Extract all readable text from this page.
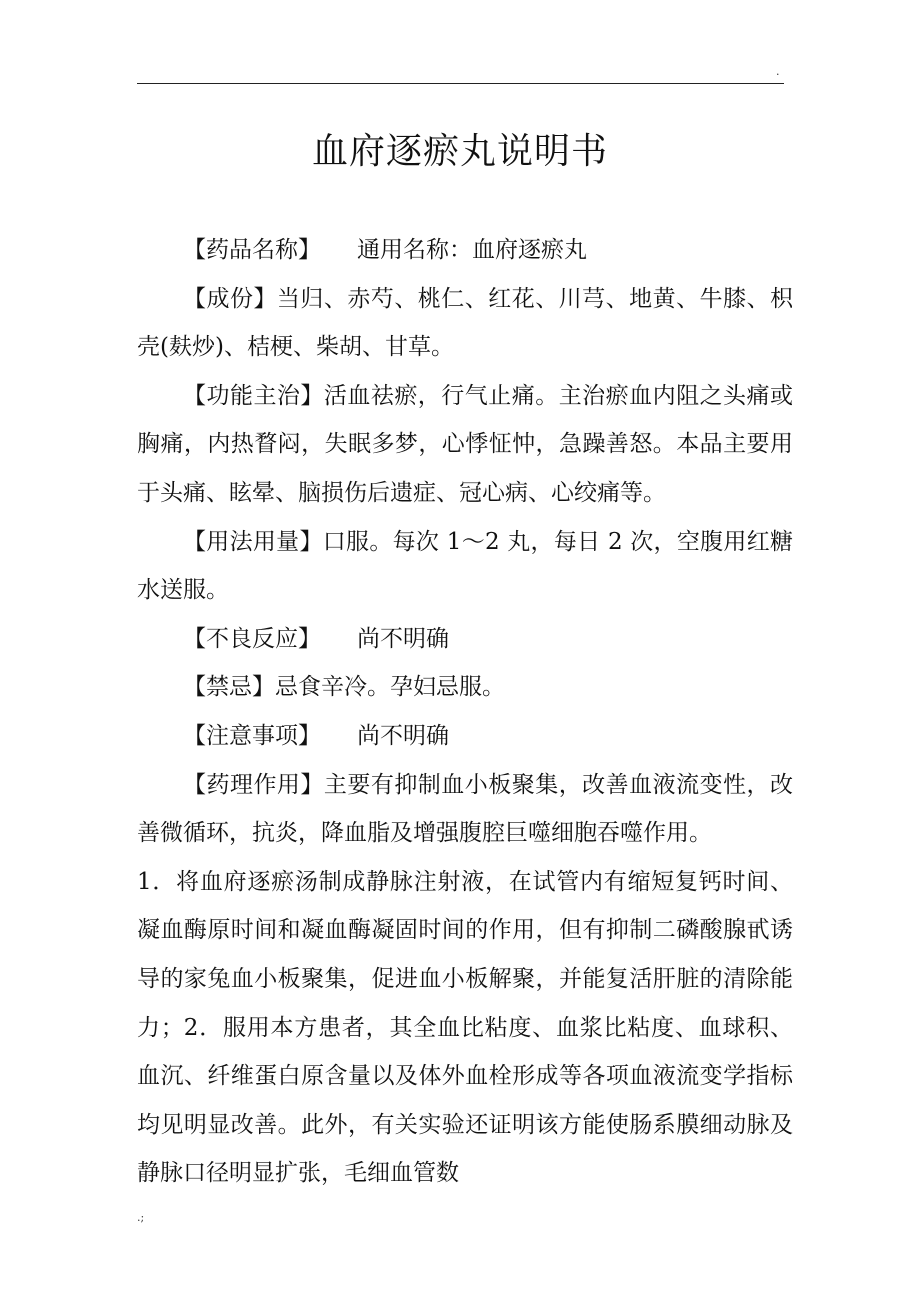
.
血府逐瘀丸说明书

【药品名称】 通用名称：血府逐瘀丸

【成份】当归、赤芍、桃仁、红花、川芎、地黄、牛膝、枳壳(麸炒)、桔梗、柴胡、甘草。

【功能主治】活血祛瘀，行气止痛。主治瘀血内阻之头痛或胸痛，内热瞀闷，失眠多梦，心悸怔忡，急躁善怒。本品主要用于头痛、眩晕、脑损伤后遗症、冠心病、心绞痛等。

【用法用量】口服。每次 1～2 丸，每日 2 次，空腹用红糖水送服。

【不良反应】 尚不明确

【禁忌】忌食辛冷。孕妇忌服。

【注意事项】 尚不明确

【药理作用】主要有抑制血小板聚集，改善血液流变性，改善微循环，抗炎，降血脂及增强腹腔巨噬细胞吞噬作用。

1．将血府逐瘀汤制成静脉注射液，在试管内有缩短复钙时间、凝血酶原时间和凝血酶凝固时间的作用，但有抑制二磷酸腺甙诱导的家兔血小板聚集，促进血小板解聚，并能复活肝脏的清除能力；2．服用本方患者，其全血比粘度、血浆比粘度、血球积、血沉、纤维蛋白原含量以及体外血栓形成等各项血液流变学指标均见明显改善。此外，有关实验还证明该方能使肠系膜细动脉及静脉口径明显扩张，毛细血管数

.;
